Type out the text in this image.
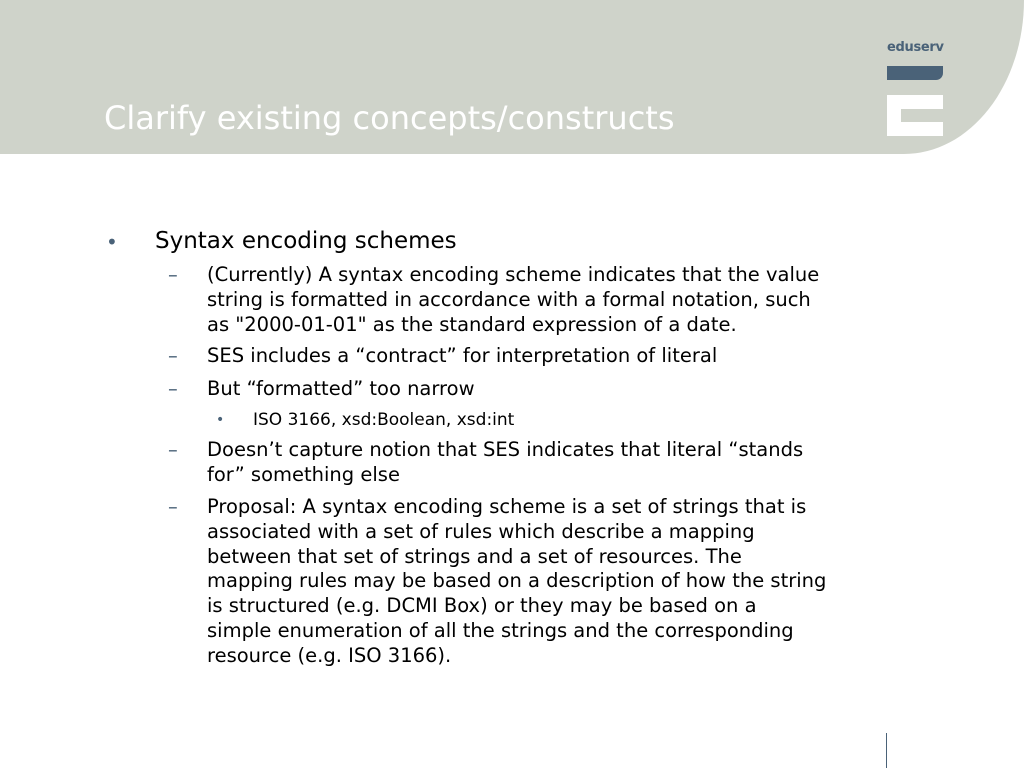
Clarify existing concepts/constructs
eduserv
• Syntax encoding schemes
– (Currently) A syntax encoding scheme indicates that the value
string is formatted in accordance with a formal notation, such
as "2000-01-01" as the standard expression of a date.
– SES includes a “contract” for interpretation of literal
– But “formatted” too narrow
• ISO 3166, xsd:Boolean, xsd:int
– Doesn’t capture notion that SES indicates that literal “stands
for” something else
– Proposal: A syntax encoding scheme is a set of strings that is
associated with a set of rules which describe a mapping
between that set of strings and a set of resources. The
mapping rules may be based on a description of how the string
is structured (e.g. DCMI Box) or they may be based on a
simple enumeration of all the strings and the corresponding
resource (e.g. ISO 3166).
